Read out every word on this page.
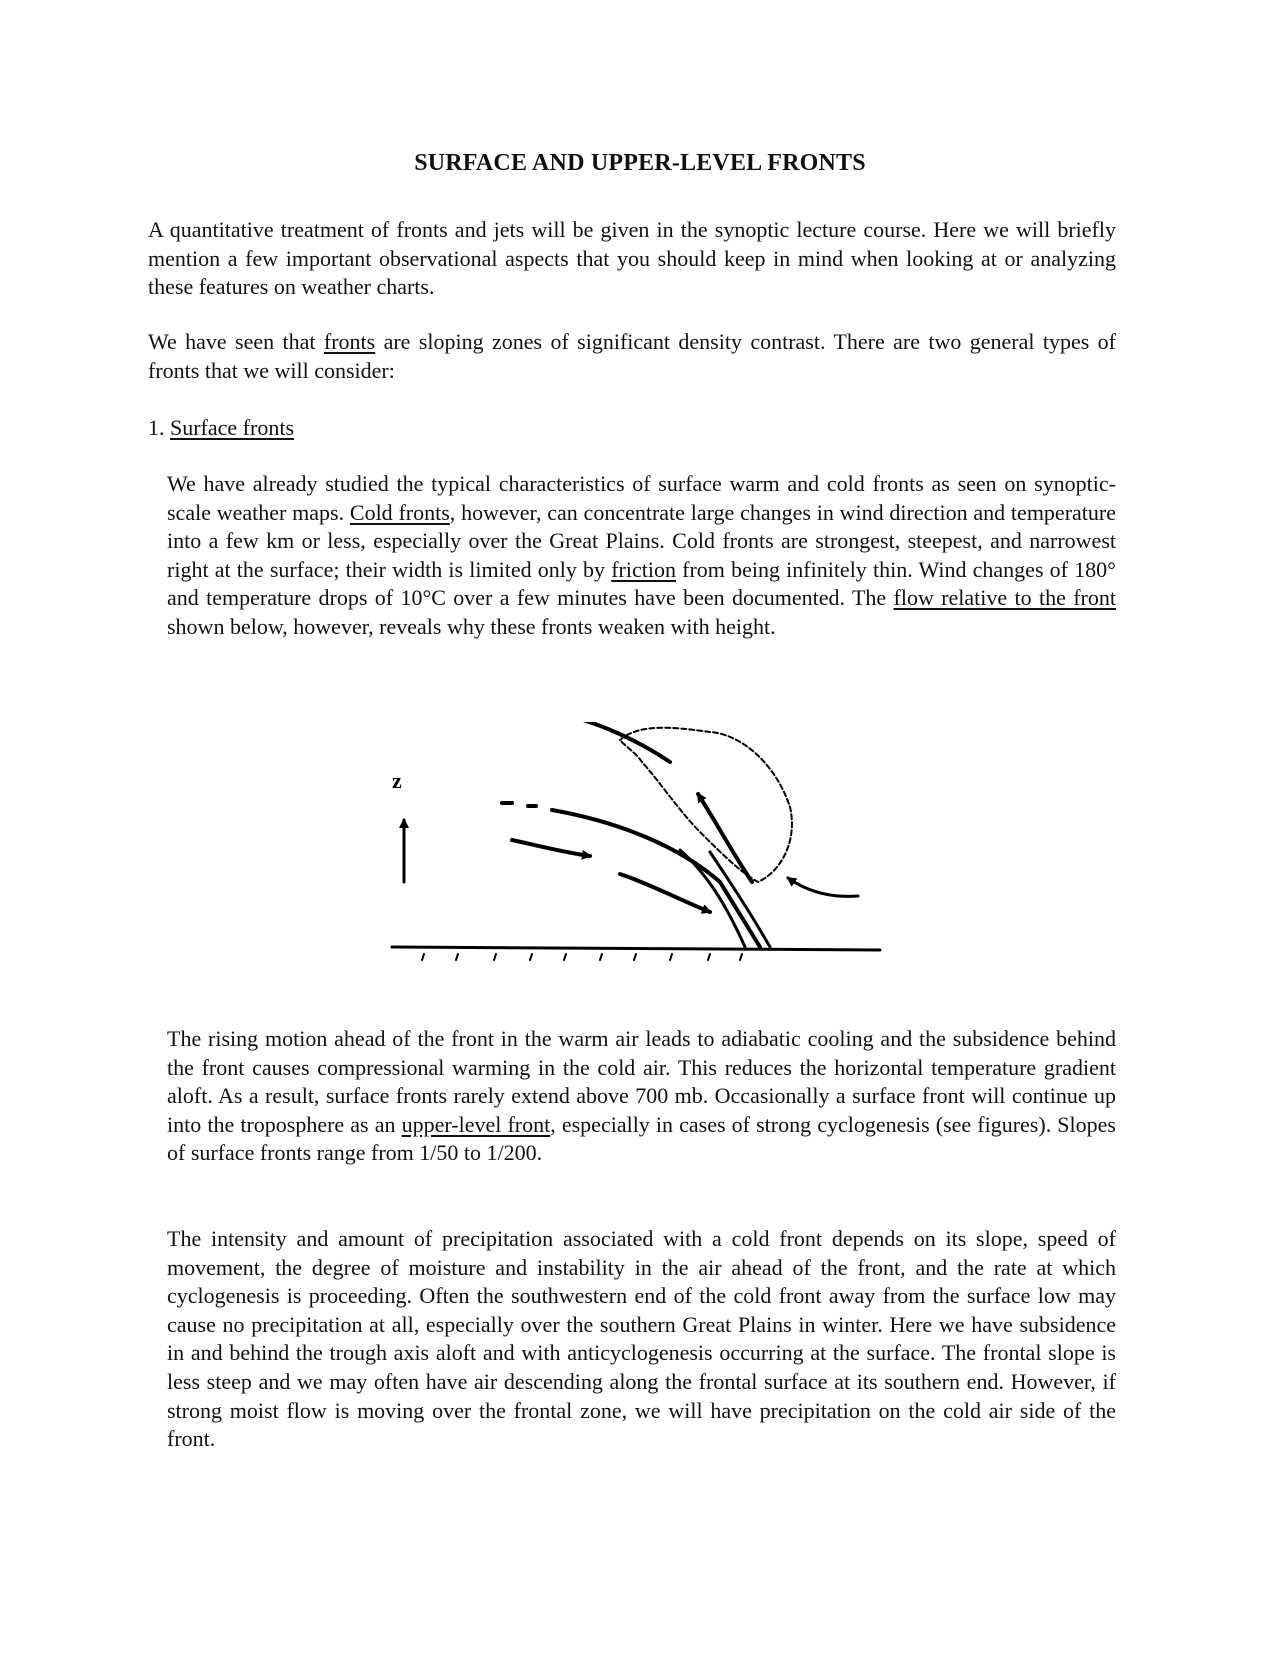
SURFACE AND UPPER-LEVEL FRONTS

A quantitative treatment of fronts and jets will be given in the synoptic lecture course. Here we will briefly mention a few important observational aspects that you should keep in mind when looking at or analyzing these features on weather charts.

We have seen that fronts are sloping zones of significant density contrast. There are two general types of fronts that we will consider:

1. Surface fronts

We have already studied the typical characteristics of surface warm and cold fronts as seen on synoptic-scale weather maps. Cold fronts, however, can concentrate large changes in wind direction and temperature into a few km or less, especially over the Great Plains. Cold fronts are strongest, steepest, and narrowest right at the surface; their width is limited only by friction from being infinitely thin. Wind changes of 180° and temperature drops of 10°C over a few minutes have been documented. The flow relative to the front shown below, however, reveals why these fronts weaken with height.

z

The rising motion ahead of the front in the warm air leads to adiabatic cooling and the subsidence behind the front causes compressional warming in the cold air. This reduces the horizontal temperature gradient aloft. As a result, surface fronts rarely extend above 700 mb. Occasionally a surface front will continue up into the troposphere as an upper-level front, especially in cases of strong cyclogenesis (see figures). Slopes of surface fronts range from 1/50 to 1/200.

The intensity and amount of precipitation associated with a cold front depends on its slope, speed of movement, the degree of moisture and instability in the air ahead of the front, and the rate at which cyclogenesis is proceeding. Often the southwestern end of the cold front away from the surface low may cause no precipitation at all, especially over the southern Great Plains in winter. Here we have subsidence in and behind the trough axis aloft and with anticyclogenesis occurring at the surface. The frontal slope is less steep and we may often have air descending along the frontal surface at its southern end. However, if strong moist flow is moving over the frontal zone, we will have precipitation on the cold air side of the front.
